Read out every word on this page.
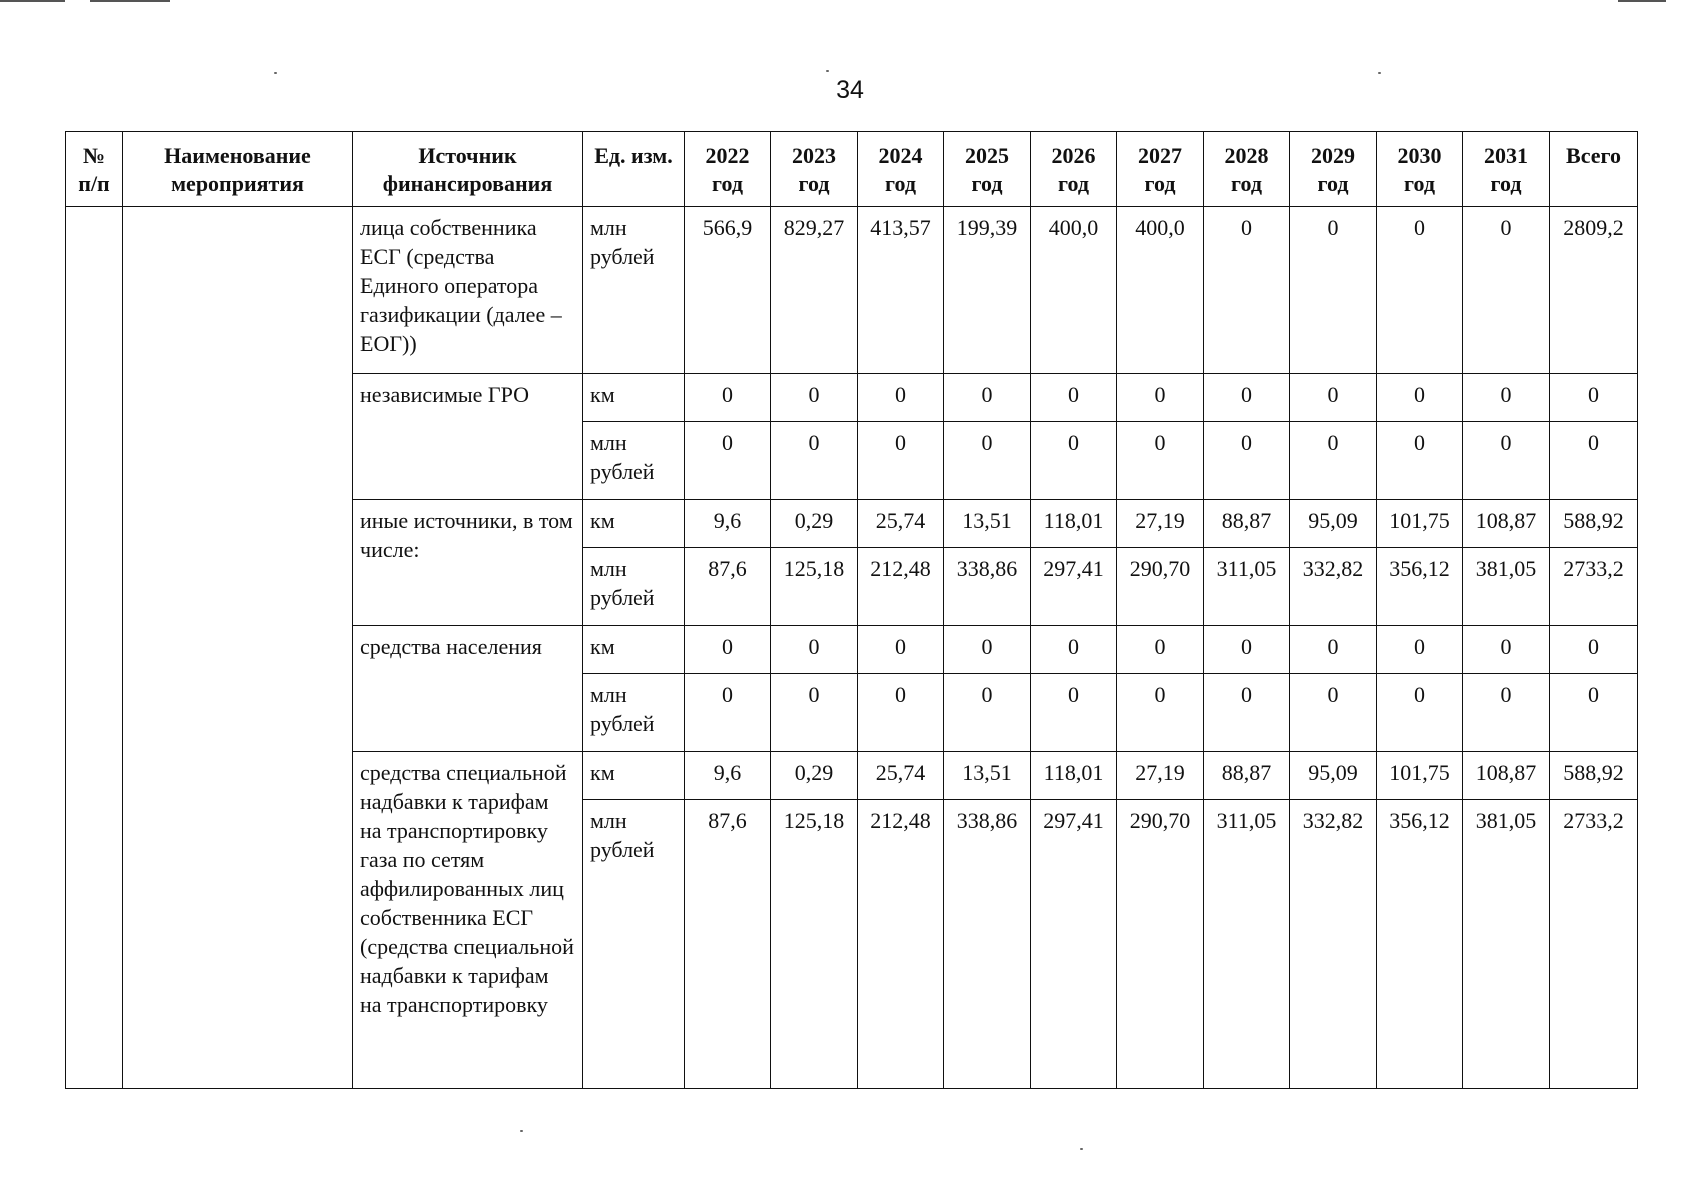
34
№ п/п	Наименование мероприятия	Источник финансирования	Ед. изм.	2022 год	2023 год	2024 год	2025 год	2026 год	2027 год	2028 год	2029 год	2030 год	2031 год	Всего
		лица собственника ЕСГ (средства Единого оператора газификации (далее – ЕОГ))	млн рублей	566,9	829,27	413,57	199,39	400,0	400,0	0	0	0	0	2809,2
		независимые ГРО	км	0	0	0	0	0	0	0	0	0	0	0
			млн рублей	0	0	0	0	0	0	0	0	0	0	0
		иные источники, в том числе:	км	9,6	0,29	25,74	13,51	118,01	27,19	88,87	95,09	101,75	108,87	588,92
			млн рублей	87,6	125,18	212,48	338,86	297,41	290,70	311,05	332,82	356,12	381,05	2733,2
		средства населения	км	0	0	0	0	0	0	0	0	0	0	0
			млн рублей	0	0	0	0	0	0	0	0	0	0	0
		средства специальной надбавки к тарифам на транспортировку газа по сетям аффилированных лиц собственника ЕСГ (средства специальной надбавки к тарифам на транспортировку	км	9,6	0,29	25,74	13,51	118,01	27,19	88,87	95,09	101,75	108,87	588,92
			млн рублей	87,6	125,18	212,48	338,86	297,41	290,70	311,05	332,82	356,12	381,05	2733,2
